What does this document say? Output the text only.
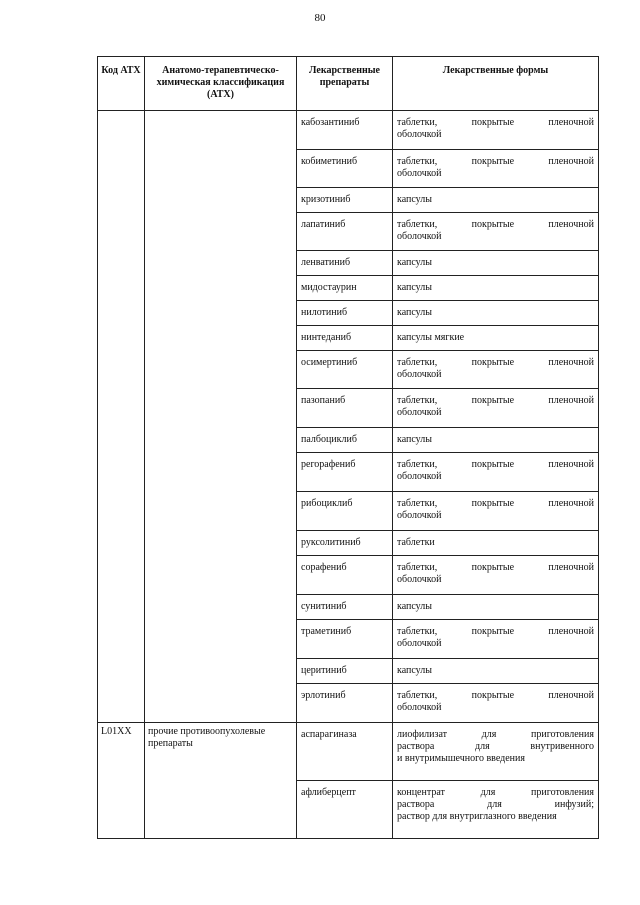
80
Код АТХ	Анатомо-терапевтическо-химическая классификация (АТХ)	Лекарственные препараты	Лекарственные формы
		кабозантиниб	таблетки, покрытые пленочной
оболочкой

		кобиметиниб	таблетки, покрытые пленочной
оболочкой

		кризотиниб	капсулы

		лапатиниб	таблетки, покрытые пленочной
оболочкой

		ленватиниб	капсулы

		мидостаурин	капсулы

		нилотиниб	капсулы

		нинтеданиб	капсулы мягкие

		осимертиниб	таблетки, покрытые пленочной
оболочкой

		пазопаниб	таблетки, покрытые пленочной
оболочкой

		палбоциклиб	капсулы

		регорафениб	таблетки, покрытые пленочной
оболочкой

		рибоциклиб	таблетки, покрытые пленочной
оболочкой

		руксолитиниб	таблетки

		сорафениб	таблетки, покрытые пленочной
оболочкой

		сунитиниб	капсулы

		траметиниб	таблетки, покрытые пленочной
оболочкой

		церитиниб	капсулы

		эрлотиниб	таблетки, покрытые пленочной
оболочкой

L01XX	прочие противоопухолевые препараты	аспарагиназа	лиофилизат для приготовления
раствора для внутривенного
и внутримышечного введения

		афлиберцепт	концентрат для приготовления
раствора для инфузий;
раствор для внутриглазного введения
